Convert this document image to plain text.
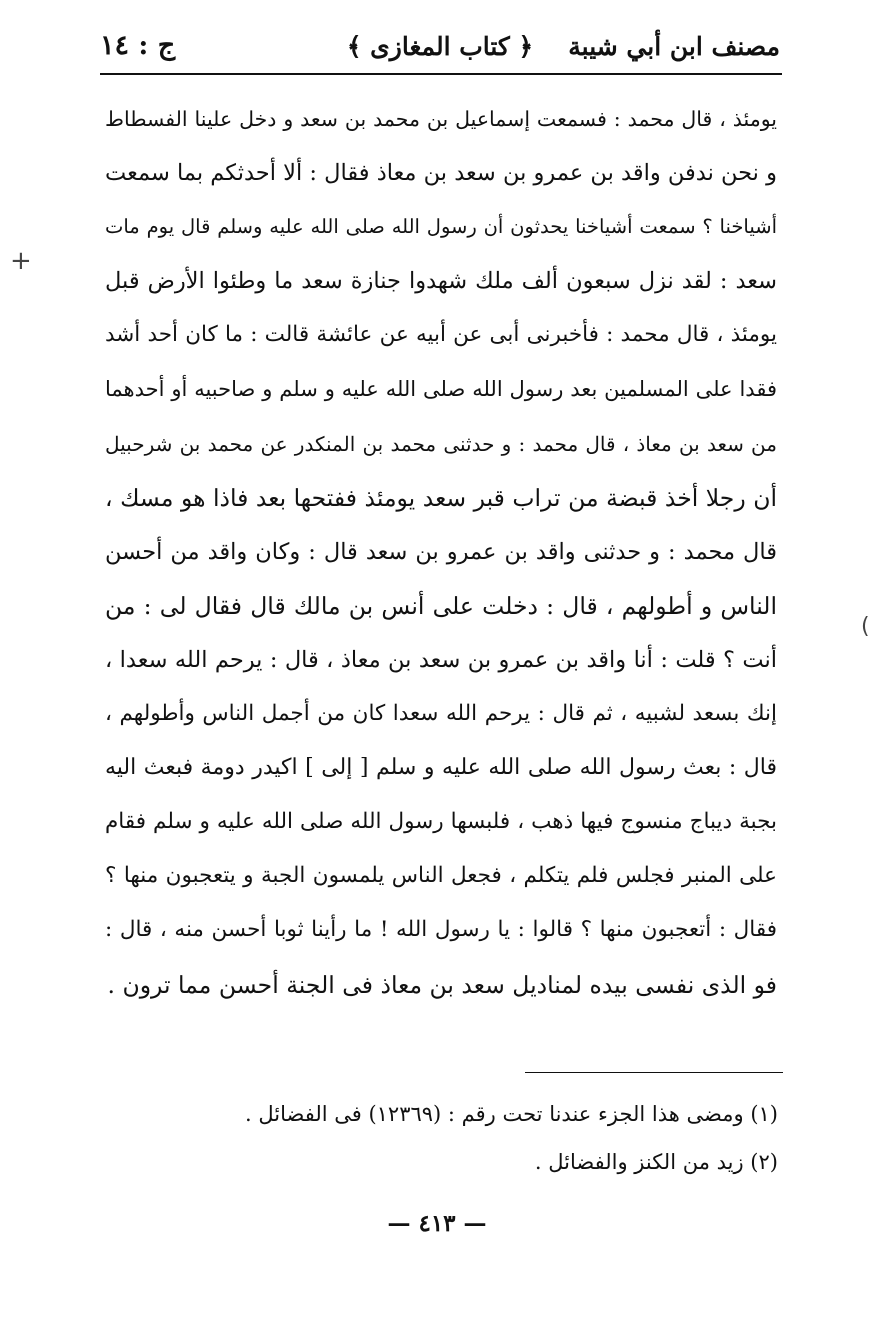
مصنف ابن أبي شيبة
﴿ كتاب المغازى ﴾
ج : ١٤
يومئذ ، قال محمد : فسمعت إسماعيل بن محمد بن سعد و دخل علينا الفسطاط
و نحن ندفن واقد بن عمرو بن سعد بن معاذ فقال : ألا أحدثكم بما سمعت
أشياخنا ؟ سمعت أشياخنا يحدثون أن رسول الله صلى الله عليه وسلم قال يوم مات
سعد : لقد نزل سبعون ألف ملك شهدوا جنازة سعد ما وطئوا الأرض قبل
يومئذ ، قال محمد : فأخبرنى أبى عن أبيه عن عائشة قالت : ما كان أحد أشد
فقدا على المسلمين بعد رسول الله صلى الله عليه و سلم و صاحبيه أو أحدهما
من سعد بن معاذ ، قال محمد : و حدثنى محمد بن المنكدر عن محمد بن شرحبيل
أن رجلا أخذ قبضة من تراب قبر سعد يومئذ ففتحها بعد فاذا هو مسك ،
قال محمد : و حدثنى واقد بن عمرو بن سعد قال : وكان واقد من أحسن
الناس و أطولهم ، قال : دخلت على أنس بن مالك قال فقال لى : من
أنت ؟ قلت : أنا واقد بن عمرو بن سعد بن معاذ ، قال : يرحم الله سعدا ،
إنك بسعد لشبيه ، ثم قال : يرحم الله سعدا كان من أجمل الناس وأطولهم ،
قال : بعث رسول الله صلى الله عليه و سلم [ إلى ] اكيدر دومة فبعث اليه
بجبة ديباج منسوج فيها ذهب ، فلبسها رسول الله صلى الله عليه و سلم فقام
على المنبر فجلس فلم يتكلم ، فجعل الناس يلمسون الجبة و يتعجبون منها ؟
فقال : أتعجبون منها ؟ قالوا : يا رسول الله ! ما رأينا ثوبا أحسن منه ، قال :
فو الذى نفسى بيده لمناديل سعد بن معاذ فى الجنة أحسن مما ترون .
(١) ومضى هذا الجزء عندنا تحت رقم : (١٢٣٦٩) فى الفضائل .
(٢) زيد من الكنز والفضائل .
— ٤١٣ —
+
(
